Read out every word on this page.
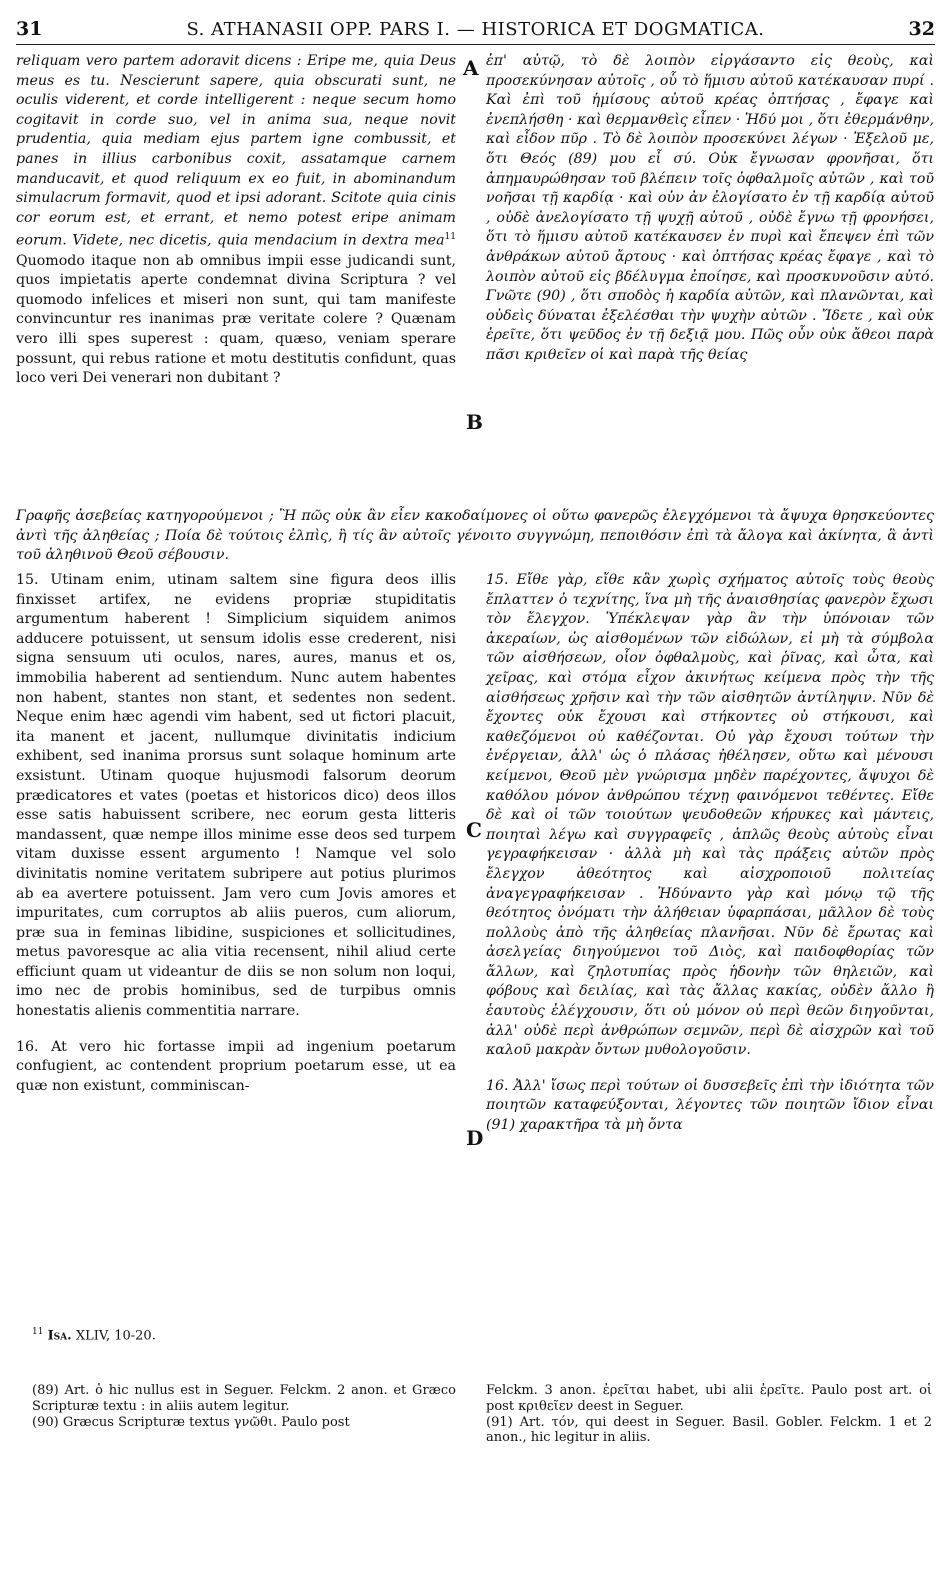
31	S. ATHANASII OPP. PARS I. — HISTORICA ET DOGMATICA.	32

reliquam vero partem adoravit dicens : Eripe me, quia Deus meus es tu. Nescierunt sapere, quia obscurati sunt, ne oculis viderent, et corde intelligerent : neque secum homo cogitavit in corde suo, vel in anima sua, neque novit prudentia, quia mediam ejus partem igne combussit, et panes in illius carbonibus coxit, assatamque carnem manducavit, et quod reliquum ex eo fuit, in abominandum simulacrum formavit, quod et ipsi adorant. Scitote quia cinis cor eorum est, et errant, et nemo potest eripe animam eorum. Videte, nec dicetis, quia mendacium in dextra mea$^{11}$ Quomodo itaque non ab omnibus impii esse judicandi sunt, quos impietatis aperte condemnat divina Scriptura ? vel quomodo infelices et miseri non sunt, qui tam manifeste convincuntur res inanimas præ veritate colere ? Quænam vero illi spes superest : quam, quæso, veniam sperare possunt, qui rebus ratione et motu destitutis confidunt, quas loco veri Dei venerari non dubitant ?

ἐπ' αὐτῷ, τὸ δὲ λοιπὸν εἰργάσαντο εἰς θεοὺς, καὶ προσεκύνησαν αὐτοῖς , οὗ τὸ ἥμισυ αὐτοῦ κατέκαυσαν πυρί . Καὶ ἐπὶ τοῦ ἡμίσους αὐτοῦ κρέας ὀπτήσας , ἔφαγε καὶ ἐνεπλήσθη · καὶ θερμανθεὶς εἶπεν · Ἡδύ μοι , ὅτι ἐθερμάνθην, καὶ εἶδον πῦρ . Τὸ δὲ λοιπὸν προσεκύνει λέγων · Ἐξελοῦ με, ὅτι Θεός (89) μου εἶ σύ. Οὐκ ἔγνωσαν φρονῆσαι, ὅτι ἀπημαυρώθησαν τοῦ βλέπειν τοῖς ὀφθαλμοῖς αὐτῶν , καὶ τοῦ νοῆσαι τῇ καρδίᾳ · καὶ οὐν ἀν ἐλογίσατο ἐν τῇ καρδίᾳ αὐτοῦ , οὐδὲ ἀνελογίσατο τῇ ψυχῇ αὐτοῦ , οὐδὲ ἔγνω τῇ φρονήσει, ὅτι τὸ ἥμισυ αὐτοῦ κατέκαυσεν ἐν πυρὶ καὶ ἔπεψεν ἐπὶ τῶν ἀνθράκων αὐτοῦ ἄρτους · καὶ ὀπτήσας κρέας ἔφαγε , καὶ τὸ λοιπὸν αὐτοῦ εἰς βδέλυγμα ἐποίησε, καὶ προσκυνοῦσιν αὐτό. Γνῶτε (90) , ὅτι σποδὸς ἡ καρδία αὐτῶν, καὶ πλανῶνται, καὶ οὐδεὶς δύναται ἐξελέσθαι τὴν ψυχὴν αὐτῶν . Ἴδετε , καὶ οὐκ ἐρεῖτε, ὅτι ψεῦδος ἐν τῇ δεξιᾷ μου. Πῶς οὖν οὐκ ἄθεοι παρὰ πᾶσι κριθεῖεν οἱ καὶ παρὰ τῆς θείας

A
B

Γραφῆς ἀσεβείας κατηγορούμενοι ; Ἢ πῶς οὐκ ἂν εἶεν κακοδαίμονες οἱ οὕτω φανερῶς ἐλεγχόμενοι τὰ ἄψυχα θρησκεύοντες ἀντὶ τῆς ἀληθείας ; Ποία δὲ τούτοις ἐλπὶς, ἢ τίς ἂν αὐτοῖς γένοιτο συγγνώμη, πεποιθόσιν ἐπὶ τὰ ἄλογα καὶ ἀκίνητα, ἃ ἀντὶ τοῦ ἀληθινοῦ Θεοῦ σέβουσιν.

15. Utinam enim, utinam saltem sine figura deos illis finxisset artifex, ne evidens propriæ stupiditatis argumentum haberent ! Simplicium siquidem animos adducere potuissent, ut sensum idolis esse crederent, nisi signa sensuum uti oculos, nares, aures, manus et os, immobilia haberent ad sentiendum. Nunc autem habentes non habent, stantes non stant, et sedentes non sedent. Neque enim hæc agendi vim habent, sed ut fictori placuit, ita manent et jacent, nullumque divinitatis indicium exhibent, sed inanima prorsus sunt solaque hominum arte exsistunt. Utinam quoque hujusmodi falsorum deorum prædicatores et vates (poetas et historicos dico) deos illos esse satis habuissent scribere, nec eorum gesta litteris mandassent, quæ nempe illos minime esse deos sed turpem vitam duxisse essent argumento ! Namque vel solo divinitatis nomine veritatem subripere aut potius plurimos ab ea avertere potuissent. Jam vero cum Jovis amores et impuritates, cum corruptos ab aliis pueros, cum aliorum, præ sua in feminas libidine, suspiciones et sollicitudines, metus pavoresque ac alia vitia recensent, nihil aliud certe efficiunt quam ut videantur de diis se non solum non loqui, imo nec de probis hominibus, sed de turpibus omnis honestatis alienis commentitia narrare.

16. At vero hic fortasse impii ad ingenium poetarum confugient, ac contendent proprium poetarum esse, ut ea quæ non existunt, comminiscan-

15. Εἴθε γὰρ, εἴθε κἂν χωρὶς σχήματος αὐτοῖς τοὺς θεοὺς ἔπλαττεν ὁ τεχνίτης, ἵνα μὴ τῆς ἀναισθησίας φανερὸν ἔχωσι τὸν ἔλεγχον. Ὑπέκλεψαν γὰρ ἂν τὴν ὑπόνοιαν τῶν ἀκεραίων, ὡς αἰσθομένων τῶν εἰδώλων, εἰ μὴ τὰ σύμβολα τῶν αἰσθήσεων, οἷον ὀφθαλμοὺς, καὶ ῥῖνας, καὶ ὦτα, καὶ χεῖρας, καὶ στόμα εἶχον ἀκινήτως κείμενα πρὸς τὴν τῆς αἰσθήσεως χρῆσιν καὶ τὴν τῶν αἰσθητῶν ἀντίληψιν. Νῦν δὲ ἔχοντες οὐκ ἔχουσι καὶ στήκοντες οὐ στήκουσι, καὶ καθεζόμενοι οὐ καθέζονται. Οὐ γὰρ ἔχουσι τούτων τὴν ἐνέργειαν, ἀλλ' ὡς ὁ πλάσας ἠθέλησεν, οὕτω καὶ μένουσι κείμενοι, Θεοῦ μὲν γνώρισμα μηδὲν παρέχοντες, ἄψυχοι δὲ καθόλου μόνον ἀνθρώπου τέχνῃ φαινόμενοι τεθέντες. Εἴθε δὲ καὶ οἱ τῶν τοιούτων ψευδοθεῶν κήρυκες καὶ μάντεις, ποιηταὶ λέγω καὶ συγγραφεῖς , ἁπλῶς θεοὺς αὐτοὺς εἶναι γεγραφήκεισαν · ἀλλὰ μὴ καὶ τὰς πράξεις αὐτῶν πρὸς ἔλεγχον ἀθεότητος καὶ αἰσχροποιοῦ πολιτείας ἀναγεγραφήκεισαν . Ἠδύναντο γὰρ καὶ μόνῳ τῷ τῆς θεότητος ὀνόματι τὴν ἀλήθειαν ὑφαρπάσαι, μᾶλλον δὲ τοὺς πολλοὺς ἀπὸ τῆς ἀληθείας πλανῆσαι. Νῦν δὲ ἔρωτας καὶ ἀσελγείας διηγούμενοι τοῦ Διὸς, καὶ παιδοφθορίας τῶν ἄλλων, καὶ ζηλοτυπίας πρὸς ἡδονὴν τῶν θηλειῶν, καὶ φόβους καὶ δειλίας, καὶ τὰς ἄλλας κακίας, οὐδὲν ἄλλο ἢ ἑαυτοὺς ἐλέγχουσιν, ὅτι οὐ μόνον οὐ περὶ θεῶν διηγοῦνται, ἀλλ' οὐδὲ περὶ ἀνθρώπων σεμνῶν, περὶ δὲ αἰσχρῶν καὶ τοῦ καλοῦ μακρὰν ὄντων μυθολογοῦσιν.

16. Ἀλλ' ἴσως περὶ τούτων οἱ δυσσεβεῖς ἐπὶ τὴν ἰδιότητα τῶν ποιητῶν καταφεύξονται, λέγοντες τῶν ποιητῶν ἴδιον εἶναι (91) χαρακτῆρα τὰ μὴ ὄντα

C
D
$^{11}$ Isa. XLIV, 10-20.

(89) Art. ὁ hic nullus est in Seguer. Felckm. 2 anon. et Græco Scripturæ textu : in aliis autem legitur.

(90) Græcus Scripturæ textus γνῶθι. Paulo post

Felckm. 3 anon. ἐρεῖται habet, ubi alii ἐρεῖτε. Paulo post art. οἱ post κριθεῖεν deest in Seguer.

(91) Art. τόν, qui deest in Seguer. Basil. Gobler. Felckm. 1 et 2 anon., hic legitur in aliis.
